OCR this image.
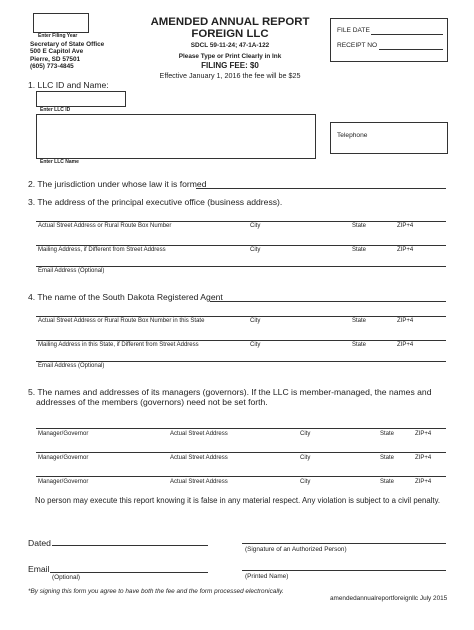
Enter Filing Year
Secretary of State Office
500 E Capitol Ave
Pierre, SD 57501
(605) 773-4845
AMENDED ANNUAL REPORT
FOREIGN LLC
SDCL 59-11-24; 47-1A-122
Please Type or Print Clearly in Ink
FILING FEE: $0
Effective January 1, 2016 the fee will be $25
FILE DATE
RECEIPT NO
1. LLC ID and Name:
Enter LLC ID
Enter LLC Name
Telephone
2. The jurisdiction under whose law it is formed
3. The address of the principal executive office (business address).
Actual Street Address or Rural Route Box Number	City	State	ZIP+4
Mailing Address, if Different from Street Address	City	State	ZIP+4
Email Address (Optional)
4. The name of the South Dakota Registered Agent
Actual Street Address or Rural Route Box Number in this State	City	State	ZIP+4
Mailing Address in this State, if Different from Street Address	City	State	ZIP+4
Email Address (Optional)
5. The names and addresses of its managers (governors). If the LLC is member-managed, the names and
addresses of the members (governors) need not be set forth.
Manager/Governor	Actual Street Address	City	State	ZIP+4
Manager/Governor	Actual Street Address	City	State	ZIP+4
Manager/Governor	Actual Street Address	City	State	ZIP+4
No person may execute this report knowing it is false in any material respect. Any violation is subject to a civil penalty.
Dated
(Signature of an Authorized Person)
Email
(Optional)	(Printed Name)
*By signing this form you agree to have both the fee and the form processed electronically.
amendedannualreportforeignllc July 2015
